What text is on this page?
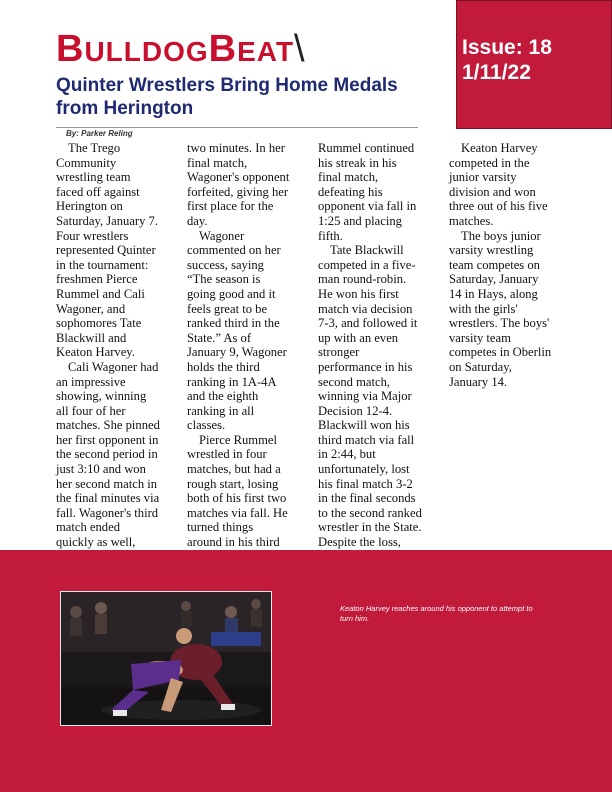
Issue: 18
1/11/22
BULLDOGBEAT\
Quinter Wrestlers Bring Home Medals from Herington
By: Parker Reling

The Trego Community wrestling team faced off against Herington on Saturday, January 7. Four wrestlers represented Quinter in the tournament: freshmen Pierce Rummel and Cali Wagoner, and sophomores Tate Blackwill and Keaton Harvey.

Cali Wagoner had an impressive showing, winning all four of her matches. She pinned her first opponent in the second period in just 3:10 and won her second match in the final minutes via fall. Wagoner's third match ended quickly as well,

two minutes. In her final match, Wagoner's opponent forfeited, giving her first place for the day.

Wagoner commented on her success, saying “The season is going good and it feels great to be ranked third in the State.” As of January 9, Wagoner holds the third ranking in 1A-4A and the eighth ranking in all classes.

Pierce Rummel wrestled in four matches, but had a rough start, losing both of his first two matches via fall. He turned things around in his third

Rummel continued his streak in his final match, defeating his opponent via fall in 1:25 and placing fifth.

Tate Blackwill competed in a five-man round-robin. He won his first match via decision 7-3, and followed it up with an even stronger performance in his second match, winning via Major Decision 12-4. Blackwill won his third match via fall in 2:44, but unfortunately, lost his final match 3-2 in the final seconds to the second ranked wrestler in the State. Despite the loss,

Keaton Harvey competed in the junior varsity division and won three out of his five matches.

The boys junior varsity wrestling team competes on Saturday, January 14 in Hays, along with the girls' wrestlers. The boys' varsity team competes in Oberlin on Saturday, January 14.

Keaton Harvey reaches around his opponent to attempt to turn him.
